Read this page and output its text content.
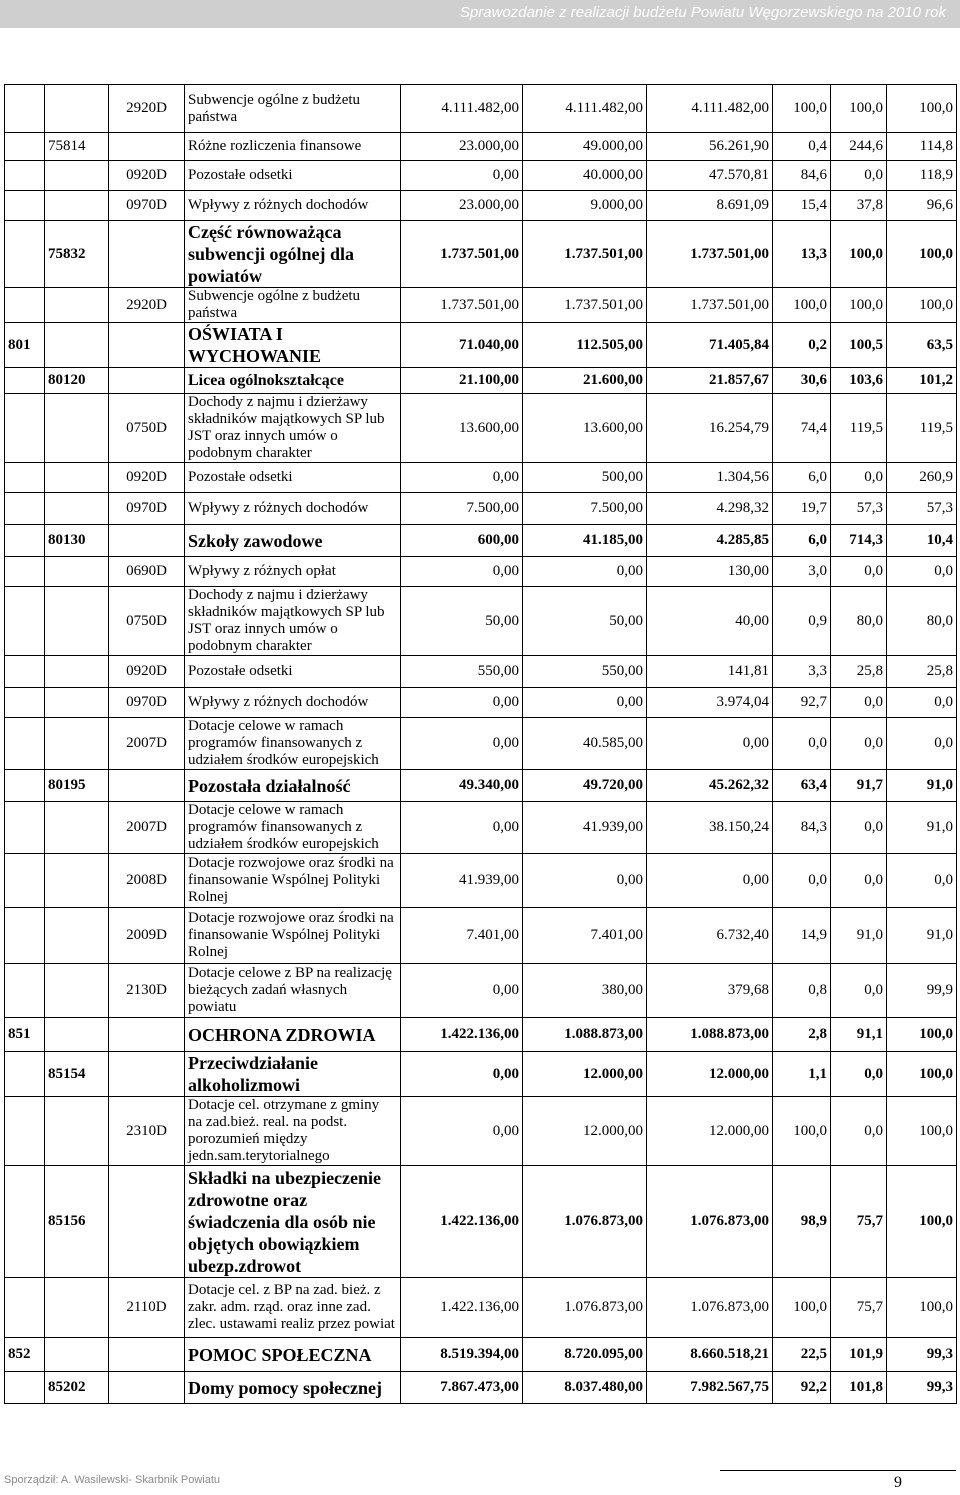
Sprawozdanie z realizacji budżetu Powiatu Węgorzewskiego na 2010 rok
		2920D	Subwencje ogólne z budżetu państwa	4.111.482,00	4.111.482,00	4.111.482,00	100,0	100,0	100,0
	75814		Różne rozliczenia finansowe	23.000,00	49.000,00	56.261,90	0,4	244,6	114,8
		0920D	Pozostałe odsetki	0,00	40.000,00	47.570,81	84,6	0,0	118,9
		0970D	Wpływy z różnych dochodów	23.000,00	9.000,00	8.691,09	15,4	37,8	96,6
	75832		Część równoważąca subwencji ogólnej dla powiatów	1.737.501,00	1.737.501,00	1.737.501,00	13,3	100,0	100,0
		2920D	Subwencje ogólne z budżetu państwa	1.737.501,00	1.737.501,00	1.737.501,00	100,0	100,0	100,0
801			OŚWIATA I WYCHOWANIE	71.040,00	112.505,00	71.405,84	0,2	100,5	63,5
	80120		Licea ogólnokształcące	21.100,00	21.600,00	21.857,67	30,6	103,6	101,2
		0750D	Dochody z najmu i dzierżawy składników majątkowych SP lub JST oraz innych umów o podobnym charakter	13.600,00	13.600,00	16.254,79	74,4	119,5	119,5
		0920D	Pozostałe odsetki	0,00	500,00	1.304,56	6,0	0,0	260,9
		0970D	Wpływy z różnych dochodów	7.500,00	7.500,00	4.298,32	19,7	57,3	57,3
	80130		Szkoły zawodowe	600,00	41.185,00	4.285,85	6,0	714,3	10,4
		0690D	Wpływy z różnych opłat	0,00	0,00	130,00	3,0	0,0	0,0
		0750D	Dochody z najmu i dzierżawy składników majątkowych SP lub JST oraz innych umów o podobnym charakter	50,00	50,00	40,00	0,9	80,0	80,0
		0920D	Pozostałe odsetki	550,00	550,00	141,81	3,3	25,8	25,8
		0970D	Wpływy z różnych dochodów	0,00	0,00	3.974,04	92,7	0,0	0,0
		2007D	Dotacje celowe w ramach programów finansowanych z udziałem środków europejskich	0,00	40.585,00	0,00	0,0	0,0	0,0
	80195		Pozostała działalność	49.340,00	49.720,00	45.262,32	63,4	91,7	91,0
		2007D	Dotacje celowe w ramach programów finansowanych z udziałem środków europejskich	0,00	41.939,00	38.150,24	84,3	0,0	91,0
		2008D	Dotacje rozwojowe oraz środki na finansowanie Wspólnej Polityki Rolnej	41.939,00	0,00	0,00	0,0	0,0	0,0
		2009D	Dotacje rozwojowe oraz środki na finansowanie Wspólnej Polityki Rolnej	7.401,00	7.401,00	6.732,40	14,9	91,0	91,0
		2130D	Dotacje celowe z BP na realizację bieżących zadań własnych powiatu	0,00	380,00	379,68	0,8	0,0	99,9
851			OCHRONA ZDROWIA	1.422.136,00	1.088.873,00	1.088.873,00	2,8	91,1	100,0
	85154		Przeciwdziałanie alkoholizmowi	0,00	12.000,00	12.000,00	1,1	0,0	100,0
		2310D	Dotacje cel. otrzymane z gminy na zad.bież. real. na podst. porozumień między jedn.sam.terytorialnego	0,00	12.000,00	12.000,00	100,0	0,0	100,0
	85156		Składki na ubezpieczenie zdrowotne oraz świadczenia dla osób nie objętych obowiązkiem ubezp.zdrowot	1.422.136,00	1.076.873,00	1.076.873,00	98,9	75,7	100,0
		2110D	Dotacje cel. z BP na zad. bież. z zakr. adm. rząd. oraz inne zad. zlec. ustawami realiz przez powiat	1.422.136,00	1.076.873,00	1.076.873,00	100,0	75,7	100,0
852			POMOC SPOŁECZNA	8.519.394,00	8.720.095,00	8.660.518,21	22,5	101,9	99,3
	85202		Domy pomocy społecznej	7.867.473,00	8.037.480,00	7.982.567,75	92,2	101,8	99,3
Sporządził: A. Wasilewski- Skarbnik Powiatu	9
